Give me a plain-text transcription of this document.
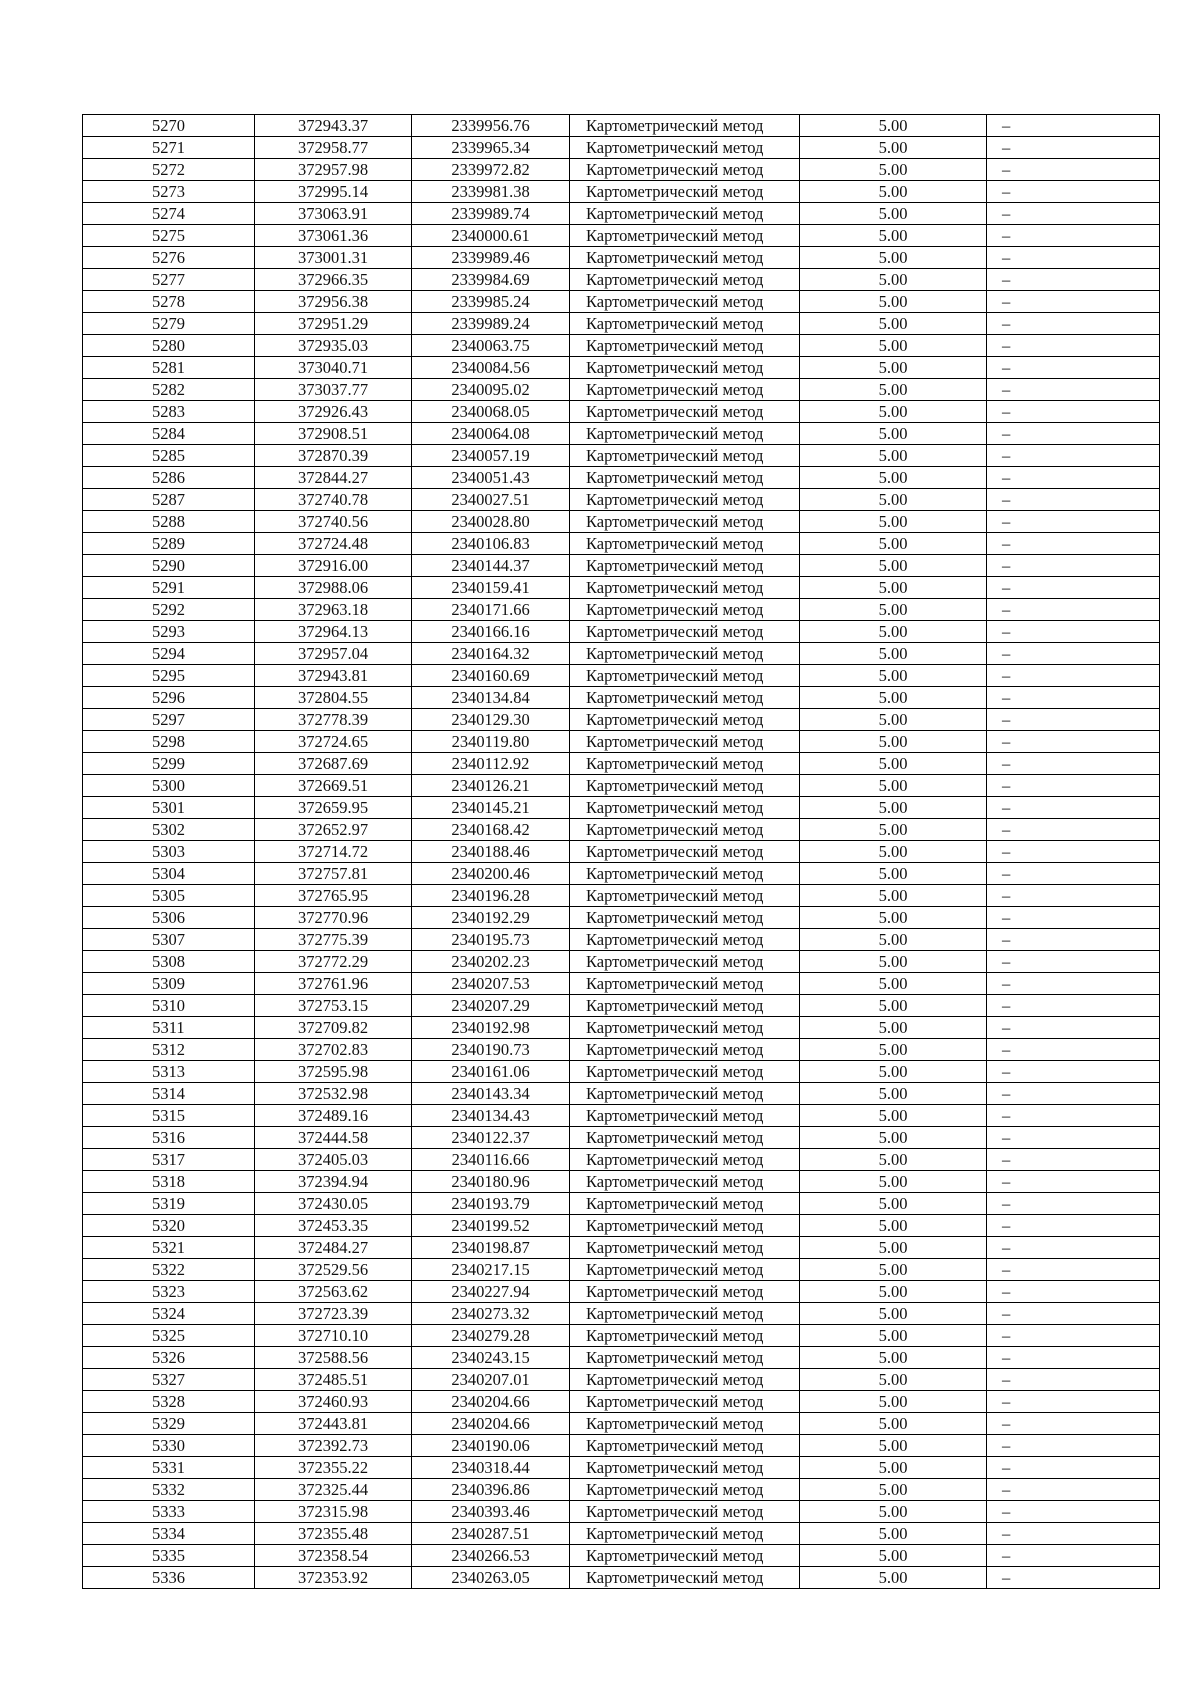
5270	372943.37	2339956.76	Картометрический метод	5.00	–
5271	372958.77	2339965.34	Картометрический метод	5.00	–
5272	372957.98	2339972.82	Картометрический метод	5.00	–
5273	372995.14	2339981.38	Картометрический метод	5.00	–
5274	373063.91	2339989.74	Картометрический метод	5.00	–
5275	373061.36	2340000.61	Картометрический метод	5.00	–
5276	373001.31	2339989.46	Картометрический метод	5.00	–
5277	372966.35	2339984.69	Картометрический метод	5.00	–
5278	372956.38	2339985.24	Картометрический метод	5.00	–
5279	372951.29	2339989.24	Картометрический метод	5.00	–
5280	372935.03	2340063.75	Картометрический метод	5.00	–
5281	373040.71	2340084.56	Картометрический метод	5.00	–
5282	373037.77	2340095.02	Картометрический метод	5.00	–
5283	372926.43	2340068.05	Картометрический метод	5.00	–
5284	372908.51	2340064.08	Картометрический метод	5.00	–
5285	372870.39	2340057.19	Картометрический метод	5.00	–
5286	372844.27	2340051.43	Картометрический метод	5.00	–
5287	372740.78	2340027.51	Картометрический метод	5.00	–
5288	372740.56	2340028.80	Картометрический метод	5.00	–
5289	372724.48	2340106.83	Картометрический метод	5.00	–
5290	372916.00	2340144.37	Картометрический метод	5.00	–
5291	372988.06	2340159.41	Картометрический метод	5.00	–
5292	372963.18	2340171.66	Картометрический метод	5.00	–
5293	372964.13	2340166.16	Картометрический метод	5.00	–
5294	372957.04	2340164.32	Картометрический метод	5.00	–
5295	372943.81	2340160.69	Картометрический метод	5.00	–
5296	372804.55	2340134.84	Картометрический метод	5.00	–
5297	372778.39	2340129.30	Картометрический метод	5.00	–
5298	372724.65	2340119.80	Картометрический метод	5.00	–
5299	372687.69	2340112.92	Картометрический метод	5.00	–
5300	372669.51	2340126.21	Картометрический метод	5.00	–
5301	372659.95	2340145.21	Картометрический метод	5.00	–
5302	372652.97	2340168.42	Картометрический метод	5.00	–
5303	372714.72	2340188.46	Картометрический метод	5.00	–
5304	372757.81	2340200.46	Картометрический метод	5.00	–
5305	372765.95	2340196.28	Картометрический метод	5.00	–
5306	372770.96	2340192.29	Картометрический метод	5.00	–
5307	372775.39	2340195.73	Картометрический метод	5.00	–
5308	372772.29	2340202.23	Картометрический метод	5.00	–
5309	372761.96	2340207.53	Картометрический метод	5.00	–
5310	372753.15	2340207.29	Картометрический метод	5.00	–
5311	372709.82	2340192.98	Картометрический метод	5.00	–
5312	372702.83	2340190.73	Картометрический метод	5.00	–
5313	372595.98	2340161.06	Картометрический метод	5.00	–
5314	372532.98	2340143.34	Картометрический метод	5.00	–
5315	372489.16	2340134.43	Картометрический метод	5.00	–
5316	372444.58	2340122.37	Картометрический метод	5.00	–
5317	372405.03	2340116.66	Картометрический метод	5.00	–
5318	372394.94	2340180.96	Картометрический метод	5.00	–
5319	372430.05	2340193.79	Картометрический метод	5.00	–
5320	372453.35	2340199.52	Картометрический метод	5.00	–
5321	372484.27	2340198.87	Картометрический метод	5.00	–
5322	372529.56	2340217.15	Картометрический метод	5.00	–
5323	372563.62	2340227.94	Картометрический метод	5.00	–
5324	372723.39	2340273.32	Картометрический метод	5.00	–
5325	372710.10	2340279.28	Картометрический метод	5.00	–
5326	372588.56	2340243.15	Картометрический метод	5.00	–
5327	372485.51	2340207.01	Картометрический метод	5.00	–
5328	372460.93	2340204.66	Картометрический метод	5.00	–
5329	372443.81	2340204.66	Картометрический метод	5.00	–
5330	372392.73	2340190.06	Картометрический метод	5.00	–
5331	372355.22	2340318.44	Картометрический метод	5.00	–
5332	372325.44	2340396.86	Картометрический метод	5.00	–
5333	372315.98	2340393.46	Картометрический метод	5.00	–
5334	372355.48	2340287.51	Картометрический метод	5.00	–
5335	372358.54	2340266.53	Картометрический метод	5.00	–
5336	372353.92	2340263.05	Картометрический метод	5.00	–
